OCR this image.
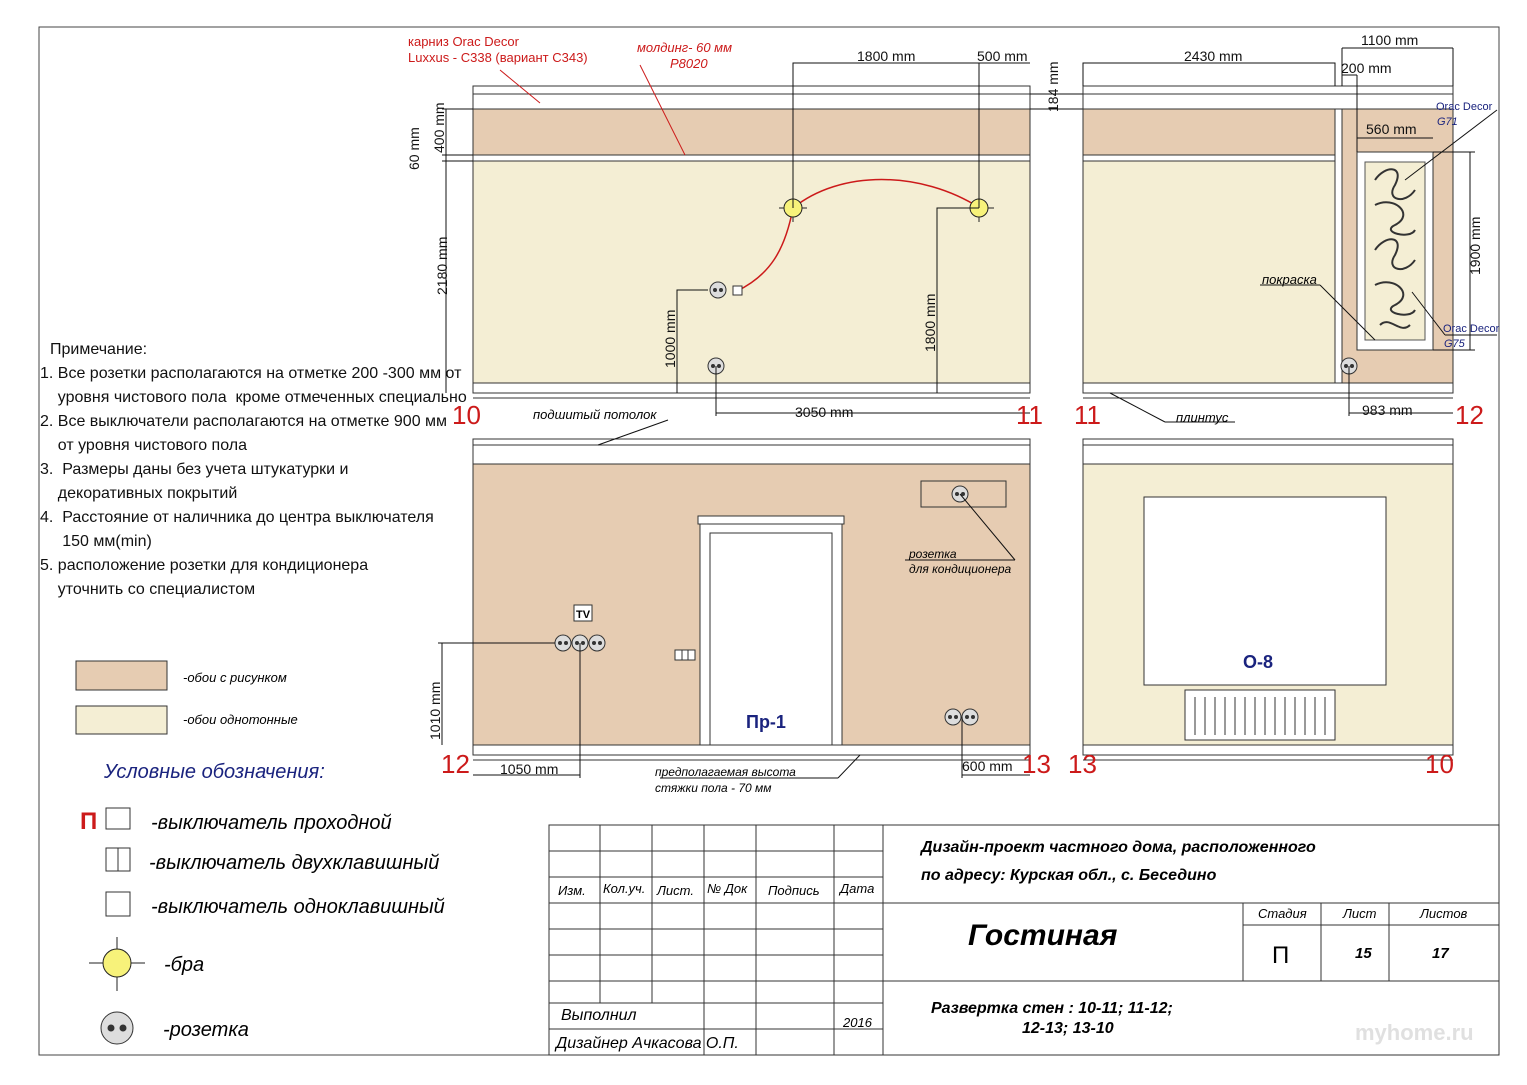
карниз Orac Decor
Luxxus - C338 (вариант C343)
молдинг- 60 мм
P8020	1800 mm	500 mm
184 mm
400 mm
60 mm
2180 mm
1000 mm	1800 mm
3050 mm
2430 mm
1100 mm
200 mm
560 mm
1900 mm
983 mm
Orac Decor
G71
Orac Decor
G75
покраска
плинтус
подшитый потолок
розетка
для кондиционера
TV
Пр-1
О-8
1010 mm
1050 mm	600 mm
предполагаемая высота
стяжки пола - 70 мм
10	11 11	12
12	13 13	10
-обои с рисунком
-обои однотонные
Условные обозначения:
П	-выключатель проходной
-выключатель двухклавишный
-выключатель одноклавишный
-бра
-розетка
Изм. Кол.уч. Лист. № Док Подпись Дата
Выполнил	2016
Дизайнер Ачкасова О.П.
Дизайн-проект частного дома, расположенного
по адресу: Курская обл., с. Беседино
Гостиная
Развертка стен : 10-11; 11-12;
12-13; 13-10
Стадия	Лист	Листов
П	15	17
myhome.ru
Примечание:
1. Все розетки располагаются на отметке 200 -300 мм от
уровня чистового пола  кроме отмеченных специально
2. Все выключатели располагаются на отметке 900 мм
от уровня чистового пола
3.  Размеры даны без учета штукатурки и
декоративных покрытий
4.  Расстояние от наличника до центра выключателя
150 мм(min)
5. расположение розетки для кондиционера
уточнить со специалистом
